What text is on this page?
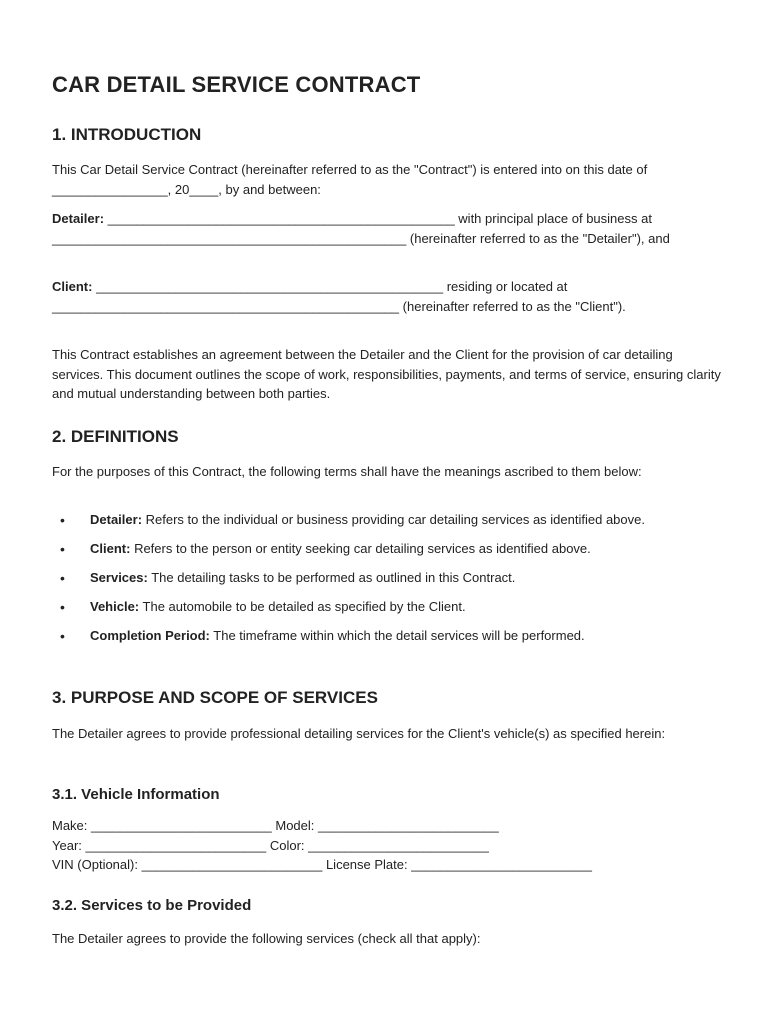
CAR DETAIL SERVICE CONTRACT
1. INTRODUCTION

This Car Detail Service Contract (hereinafter referred to as the "Contract") is entered into on this date of ________________, 20____, by and between:

Detailer: ________________________________________________ with principal place of business at _________________________________________________ (hereinafter referred to as the "Detailer"), and

Client: ________________________________________________ residing or located at ________________________________________________ (hereinafter referred to as the "Client").

This Contract establishes an agreement between the Detailer and the Client for the provision of car detailing services. This document outlines the scope of work, responsibilities, payments, and terms of service, ensuring clarity and mutual understanding between both parties.

2. DEFINITIONS

For the purposes of this Contract, the following terms shall have the meanings ascribed to them below:

• Detailer: Refers to the individual or business providing car detailing services as identified above.
• Client: Refers to the person or entity seeking car detailing services as identified above.
• Services: The detailing tasks to be performed as outlined in this Contract.
• Vehicle: The automobile to be detailed as specified by the Client.
• Completion Period: The timeframe within which the detail services will be performed.
3. PURPOSE AND SCOPE OF SERVICES

The Detailer agrees to provide professional detailing services for the Client's vehicle(s) as specified herein:

3.1. Vehicle Information
Make: _________________________ Model: _________________________
Year: _________________________ Color: _________________________
VIN (Optional): _________________________ License Plate: _________________________
3.2. Services to be Provided

The Detailer agrees to provide the following services (check all that apply):
